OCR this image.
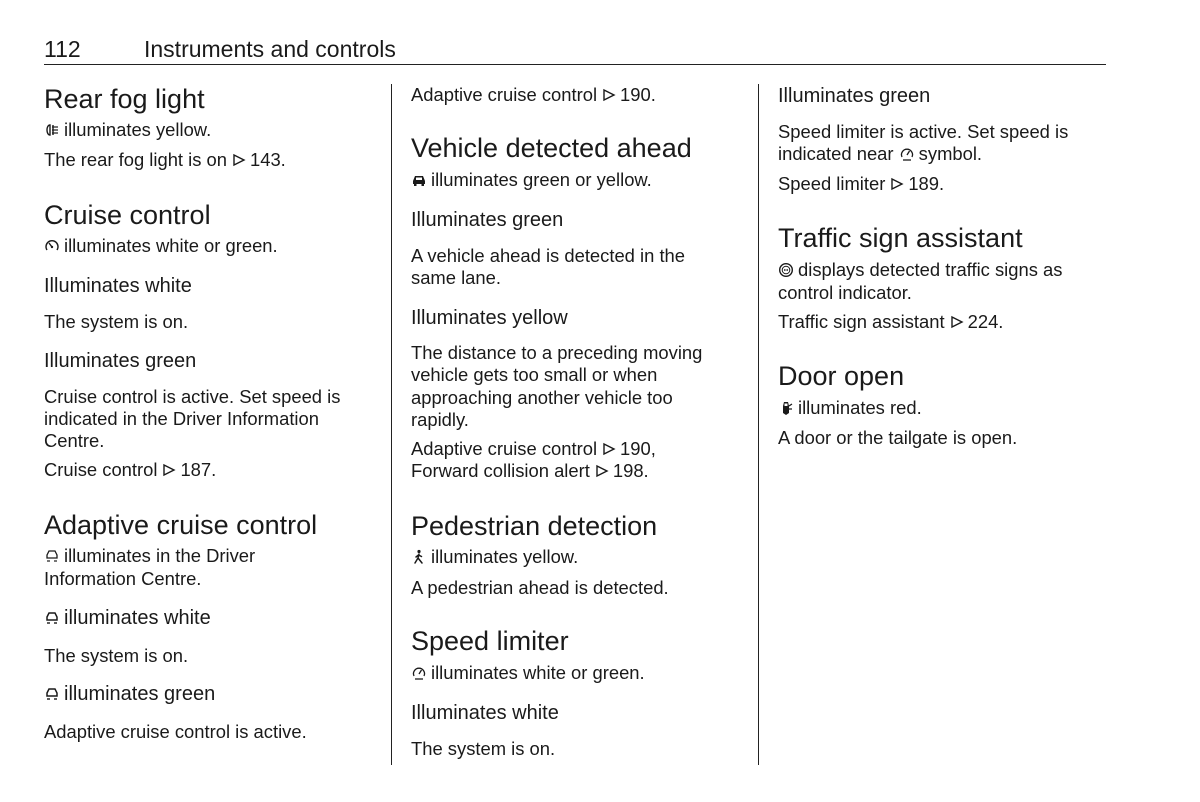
112	Instruments and controls
Rear fog light
illuminates yellow.
The rear fog light is on 143.
Cruise control
illuminates white or green.
Illuminates white
The system is on.
Illuminates green
Cruise control is active. Set speed is
indicated in the Driver Information
Centre.
Cruise control 187.
Adaptive cruise control
illuminates in the Driver
Information Centre.
illuminates white
The system is on.
illuminates green
Adaptive cruise control is active.
Adaptive cruise control 190.
Vehicle detected ahead
illuminates green or yellow.
Illuminates green
A vehicle ahead is detected in the
same lane.
Illuminates yellow
The distance to a preceding moving
vehicle gets too small or when
approaching another vehicle too
rapidly.
Adaptive cruise control 190,
Forward collision alert 198.
Pedestrian detection
illuminates yellow.
A pedestrian ahead is detected.
Speed limiter
illuminates white or green.
Illuminates white
The system is on.
Illuminates green
Speed limiter is active. Set speed is
indicated near symbol.
Speed limiter 189.
Traffic sign assistant
displays detected traffic signs as
control indicator.
Traffic sign assistant 224.
Door open
illuminates red.
A door or the tailgate is open.
